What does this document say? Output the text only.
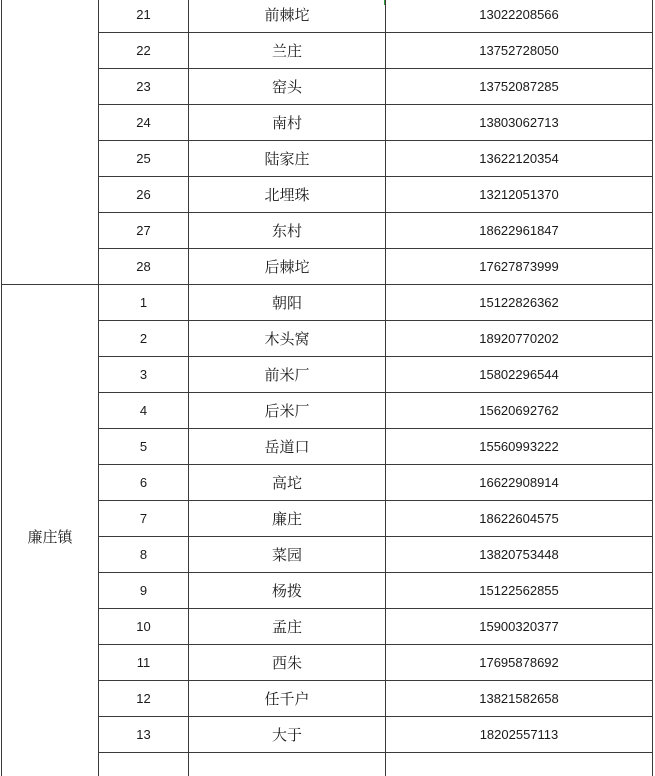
	21	前棘坨	13022208566
	22	兰庄	13752728050
	23	窑头	13752087285
	24	南村	13803062713
	25	陆家庄	13622120354
	26	北埋珠	13212051370
	27	东村	18622961847
	28	后棘坨	17627873999
廉庄镇	1	朝阳	15122826362
	2	木头窝	18920770202
	3	前米厂	15802296544
	4	后米厂	15620692762
	5	岳道口	15560993222
	6	高坨	16622908914
	7	廉庄	18622604575
	8	菜园	13820753448
	9	杨拨	15122562855
	10	孟庄	15900320377
	11	西朱	17695878692
	12	任千户	13821582658
	13	大于	18202557113
